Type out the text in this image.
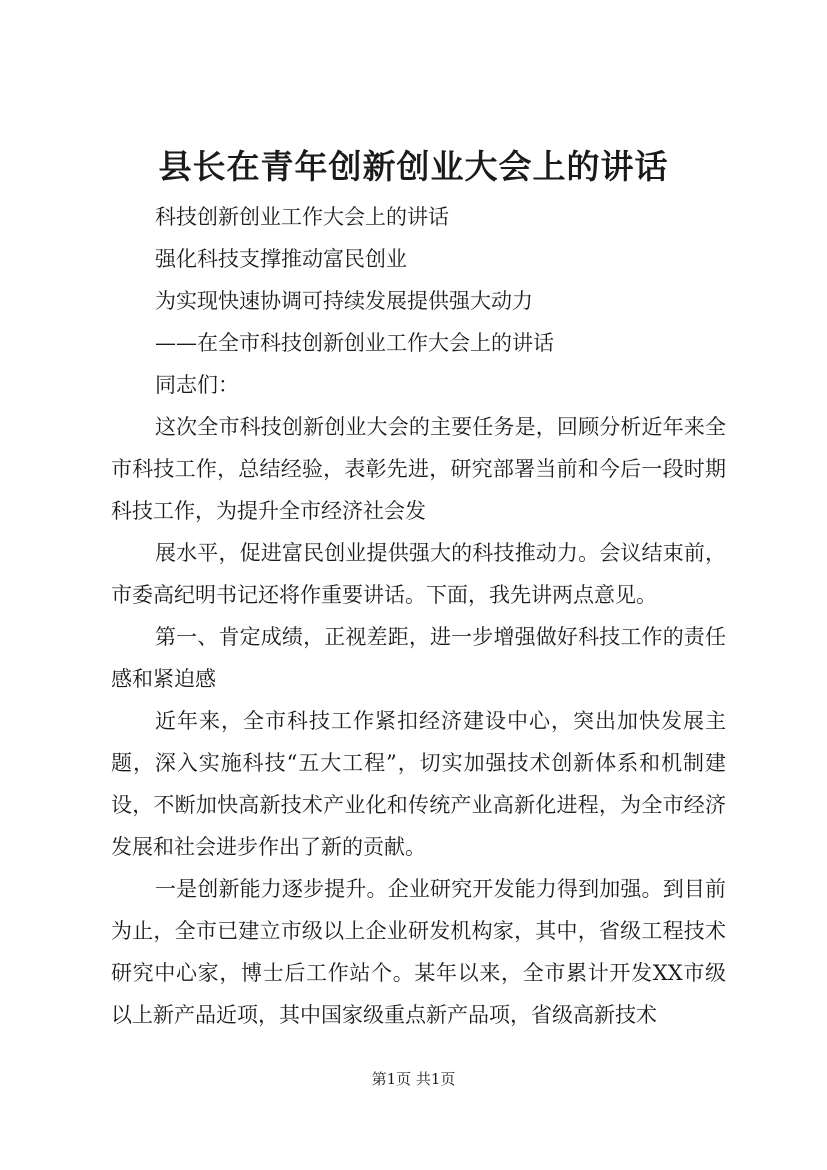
县长在青年创新创业大会上的讲话

科技创新创业工作大会上的讲话

强化科技支撑推动富民创业

为实现快速协调可持续发展提供强大动力

——在全市科技创新创业工作大会上的讲话

同志们：

这次全市科技创新创业大会的主要任务是，回顾分析近年来全市科技工作，总结经验，表彰先进，研究部署当前和今后一段时期科技工作，为提升全市经济社会发

展水平，促进富民创业提供强大的科技推动力。会议结束前，市委高纪明书记还将作重要讲话。下面，我先讲两点意见。

第一、肯定成绩，正视差距，进一步增强做好科技工作的责任感和紧迫感

近年来，全市科技工作紧扣经济建设中心，突出加快发展主题，深入实施科技“五大工程”，切实加强技术创新体系和机制建设，不断加快高新技术产业化和传统产业高新化进程，为全市经济发展和社会进步作出了新的贡献。

一是创新能力逐步提升。企业研究开发能力得到加强。到目前为止，全市已建立市级以上企业研发机构家，其中，省级工程技术研究中心家，博士后工作站个。某年以来，全市累计开发XX市级以上新产品近项，其中国家级重点新产品项，省级高新技术

第1页 共1页
